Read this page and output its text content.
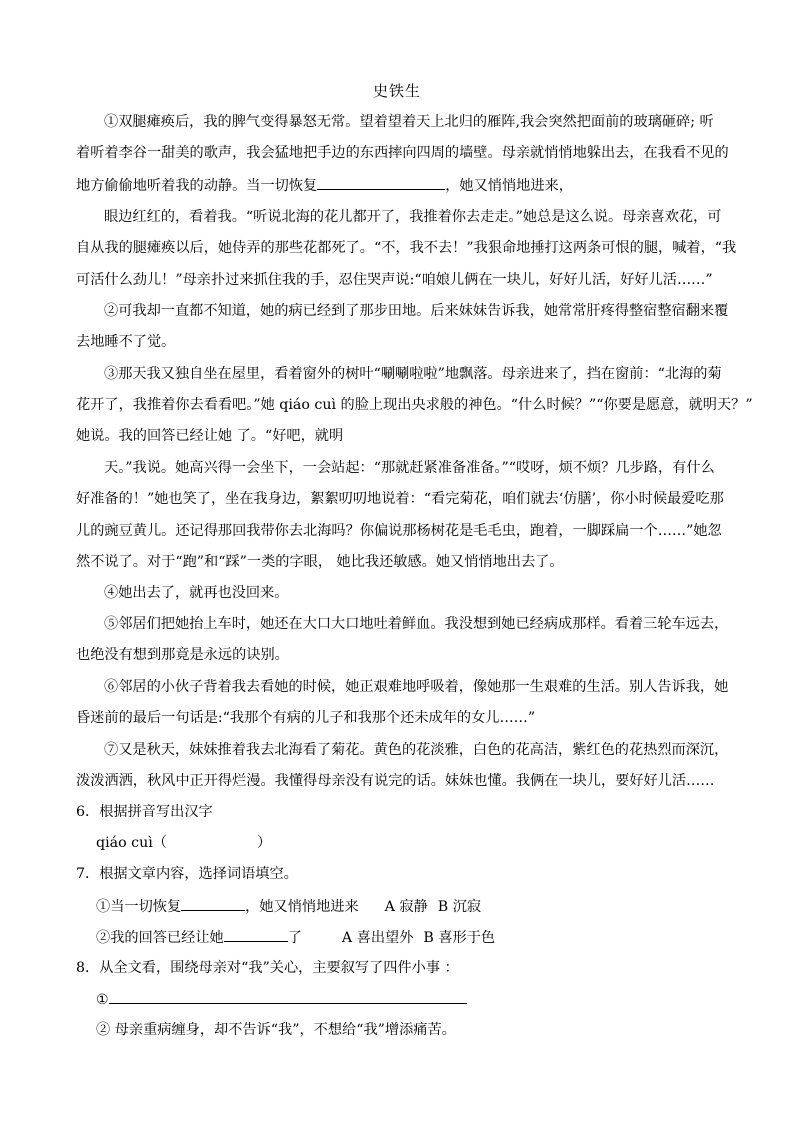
史铁生
①双腿瘫痪后，我的脾气变得暴怒无常。望着望着天上北归的雁阵,我会突然把面前的玻璃砸碎; 听
着听着李谷一甜美的歌声，我会猛地把手边的东西摔向四周的墙壁。母亲就悄悄地躲出去，在我看不见的
地方偷偷地听着我的动静。当一切恢复	，她又悄悄地进来，
眼边红红的，看着我。“听说北海的花儿都开了，我推着你去走走。”她总是这么说。母亲喜欢花，可
自从我的腿瘫痪以后，她侍弄的那些花都死了。“不，我不去！”我狠命地捶打这两条可恨的腿，喊着，“我
可活什么劲儿！”母亲扑过来抓住我的手，忍住哭声说:“咱娘儿俩在一块儿，好好儿活，好好儿活……”
②可我却一直都不知道，她的病已经到了那步田地。后来妹妹告诉我，她常常肝疼得整宿整宿翻来覆
去地睡不了觉。
③那天我又独自坐在屋里，看着窗外的树叶“唰唰啦啦”地飘落。母亲进来了，挡在窗前：“北海的菊
花开了，我推着你去看看吧。”她 qiáo cuì 的脸上现出央求般的神色。“什么时候？”“你要是愿意，就明天？”
她说。我的回答已经让她 了。“好吧，就明
天。”我说。她高兴得一会坐下，一会站起：“那就赶紧准备准备。”“哎呀，烦不烦？几步路，有什么
好准备的！”她也笑了，坐在我身边，絮絮叨叨地说着：“看完菊花，咱们就去‘仿膳’，你小时候最爱吃那
儿的豌豆黄儿。还记得那回我带你去北海吗？你偏说那杨树花是毛毛虫，跑着，一脚踩扁一个……”她忽
然不说了。对于“跑”和“踩”一类的字眼， 她比我还敏感。她又悄悄地出去了。
④她出去了，就再也没回来。
⑤邻居们把她抬上车时，她还在大口大口地吐着鲜血。我没想到她已经病成那样。看着三轮车远去，
也绝没有想到那竟是永远的诀别。
⑥邻居的小伙子背着我去看她的时候，她正艰难地呼吸着，像她那一生艰难的生活。别人告诉我，她
昏迷前的最后一句话是:“我那个有病的儿子和我那个还未成年的女儿……”
⑦又是秋天，妹妹推着我去北海看了菊花。黄色的花淡雅，白色的花高洁，紫红色的花热烈而深沉，
泼泼洒洒，秋风中正开得烂漫。我懂得母亲没有说完的话。妹妹也懂。我俩在一块儿，要好好儿活……
6．根据拼音写出汉字
qiáo cuì（	）
7．根据文章内容，选择词语填空。
①当一切恢复	，她又悄悄地进来 A 寂静 B 沉寂
②我的回答已经让她	了	A 喜出望外 B 喜形于色
8．从全文看，围绕母亲对“我”关心，主要叙写了四件小事 ：
①
② 母亲重病缠身，却不告诉“我”，不想给“我”增添痛苦。
